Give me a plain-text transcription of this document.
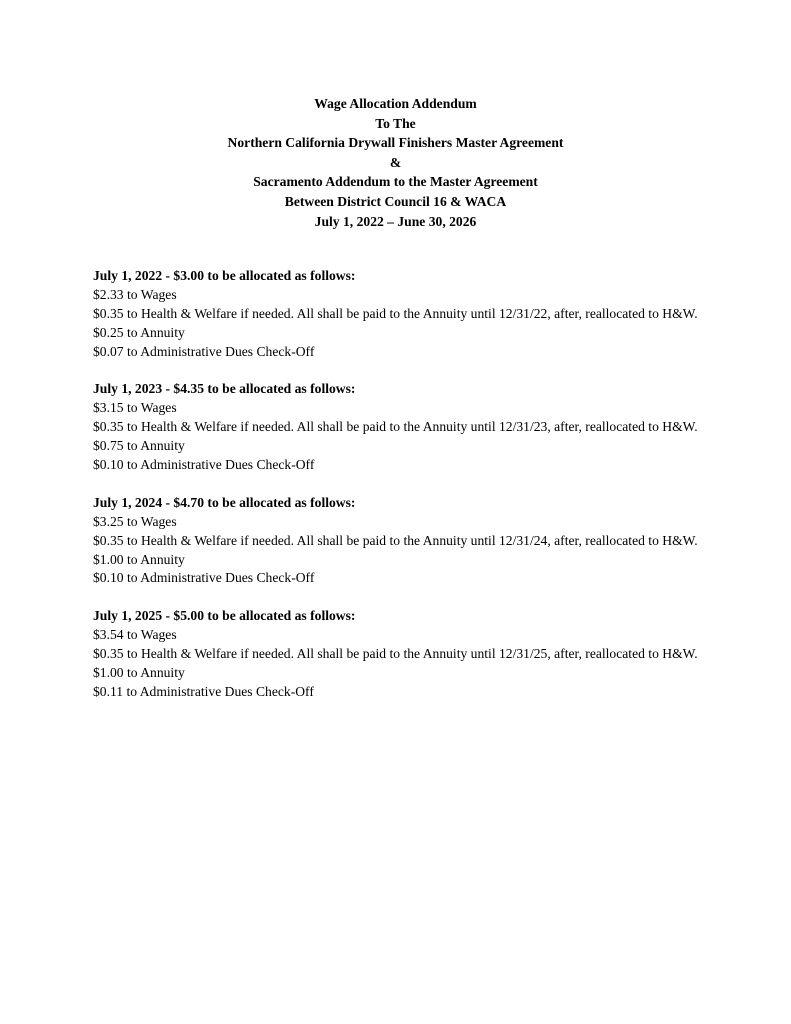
Wage Allocation Addendum
To The
Northern California Drywall Finishers Master Agreement
&
Sacramento Addendum to the Master Agreement
Between District Council 16 & WACA
July 1, 2022 – June 30, 2026
July 1, 2022 - $3.00 to be allocated as follows:
$2.33 to Wages
$0.35 to Health & Welfare if needed. All shall be paid to the Annuity until 12/31/22, after, reallocated to H&W.
$0.25 to Annuity
$0.07 to Administrative Dues Check-Off
July 1, 2023 - $4.35 to be allocated as follows:
$3.15 to Wages
$0.35 to Health & Welfare if needed. All shall be paid to the Annuity until 12/31/23, after, reallocated to H&W.
$0.75 to Annuity
$0.10 to Administrative Dues Check-Off
July 1, 2024 - $4.70 to be allocated as follows:
$3.25 to Wages
$0.35 to Health & Welfare if needed. All shall be paid to the Annuity until 12/31/24, after, reallocated to H&W.
$1.00 to Annuity
$0.10 to Administrative Dues Check-Off
July 1, 2025 - $5.00 to be allocated as follows:
$3.54 to Wages
$0.35 to Health & Welfare if needed. All shall be paid to the Annuity until 12/31/25, after, reallocated to H&W.
$1.00 to Annuity
$0.11 to Administrative Dues Check-Off
